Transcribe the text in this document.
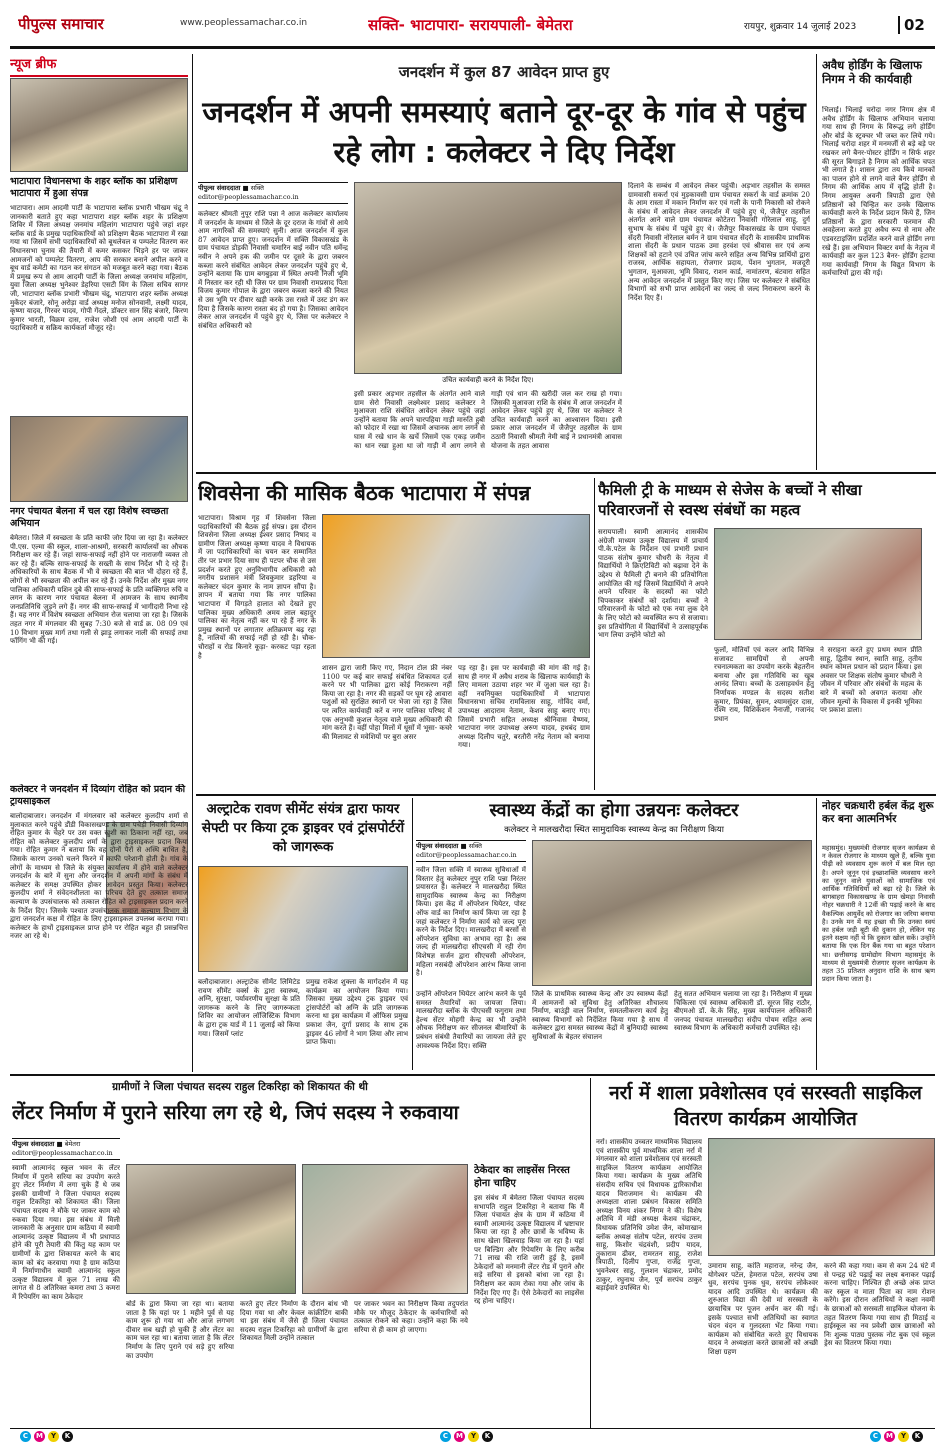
पीपुल्स समाचार	www.peoplessamachar.co.in	सक्ति- भाटापारा- सरायपाली- बेमेतरा	रायपुर, शुक्रवार 14 जुलाई 2023	02
न्यूज ब्रीफ
भाटापारा विधानसभा के शहर ब्लॉक का प्रशिक्षण भाटापारा में हुआ संपन्न
भाटापारा। आम आदमी पार्टी के भाटापारा ब्लॉक प्रभारी भीखम चंद्रू ने जानकारी बताते हुए कहा भाटापारा शहर ब्लॉक शहर के प्रशिक्षण शिविर में जिला अध्यक्ष जनमांच महिलांग भाटापारा पहुंचे जहां शहर ब्लॉक वार्ड के प्रमुख पदाधिकारियों को प्रशिक्षण बैठक भाटापारा में रखा गया था जिसमें सभी पदाधिकारियों को बूथलेवल व पम्पलेट वितरण कर विधानसभा चुनाव की तैयारी में कमर कसकर भिड़ने हर पर जाकर आमजनों को पम्पलेट वितरण, आप की सरकार बनाने अपील करने व बूथ वार्ड कमेटी का गठन कर संगठन को मजबूत करने कहा गया। बैठक में प्रमुख रूप से आम आदमी पार्टी के जिला अध्यक्ष जनमांच महिलांग, युवा जिला अध्यक्ष भुनेश्वर डेहरिया एसटी विंग के जिला सचिव सागर जी, भाटापारा ब्लॉक प्रभारी भीखम चंद्रू, भाटापारा शहर ब्लॉक अध्यक्ष मुकेंदर बंजारे, सोनू अरोड़ा वार्ड अध्यक्ष मनोज सोनवानी, लक्ष्मी यादव, कृष्णा यादव, गिरवर यादव, गोपी गेंदले, डॉक्टर सान सिंह बंजारे, किरण कुमार भारती, विक्रम दास, राजेश जोशी एवं आम आदमी पार्टी के पदाधिकारी व सक्रिय कार्यकर्ता मौजूद रहे।
नगर पंचायत बेलना में चल रहा विशेष स्वच्छता अभियान
बेमेतरा। जिले में स्वच्छता के प्रति काफी जोर दिया जा रहा है। कलेक्टर पी.एस. एल्मा की स्कूल, शाला-आश्रमों, सरकारी कार्यालयों का औचक निरीक्षण कर रहे हैं। जहां साफ-सफाई नहीं होने पर नाराजगी व्यक्त तो कर रहे हैं। बल्कि साफ-सफाई के सख्ती के साथ निर्देश भी दे रहे हैं। अधिकारियों के साथ बैठक में भी वे स्वच्छता की बात भी दोहरा रहे हैं, लोगों से भी स्वच्छता की अपील कर रहे हैं। उनके निर्देश और मुख्य नगर पालिका अधिकारी यशिन दुबे की साफ-सफाई के प्रति व्यक्तिगत रुचि व लगन के कारण नगर पंचायत बेलना में आमजन के साथ स्थानीय जनप्रतिनिधि जुड़ने लगे हैं। नगर की साफ-सफाई में भागीदारी निभा रहे हैं। यह नगर में विशेष स्वच्छता अभियान रोज चलाया जा रहा है। जिसके तहत नगर में मंगलवार की सुबह 7:30 बजे से वार्ड क्र. 08 09 एवं 10 विभाग मुख्य मार्ग तथा गली से झाड़ू लगाकर नाली की सफाई तथा फॉगिंग भी की गई।
कलेक्टर ने जनदर्शन में दिव्यांग रोहित को प्रदान की ट्रायसाइकल
बालोदाबाजार। जनदर्शन में मंगलवार को कलेक्टर कुलदीप शर्मा से मुलाकात करने पहुंचे डौंडी विकासखण्ड के ग्राम पचेड़ी निवासी दिव्यांग रोहित कुमार के चेहरे पर उस वक्त खुशी का ठिकाना नहीं रहा, जब रोहित को कलेक्टर कुलदीप शर्मा के द्वारा ट्राइसाइकल प्रदान किया गया। रोहित कुमार ने बताया कि वह दोनों पैरों से अस्थि बाधित है, जिसके कारण उनको चलने फिरने में काफी परेशानी होती है। गांव के लोगों के माध्यम से जिले के संयुक्त कार्यालय में होने वाले कलेक्टर जनदर्शन के बारे में सुना और जनदर्शन में अपनी मांगों के संबंध में कलेक्टर के समक्ष उपस्थित होकर आवेदन प्रस्तुत किया। कलेक्टर कुलदीप शर्मा ने संवेदनशीलता का परिचय देते हुए तत्काल समाज कल्याण के उपसंचालक को तत्काल रोहित को ट्राइसाइकल प्रदान करने के निर्देश दिए। जिसके पश्चात उपसंचालक समाज कल्याण विभाग के द्वारा जनदर्शन कक्ष में रोहित के लिए ट्राइसाइकल उपलब्ध कराया गया। कलेक्टर के हाथों ट्राइसाइकल प्राप्त होने पर रोहित बहुत ही प्रसन्नचित्त नजर आ रहे थे।
जनदर्शन में कुल 87 आवेदन प्राप्त हुए
जनदर्शन में अपनी समस्याएं बताने दूर-दूर के गांव से पहुंच रहे लोग : कलेक्टर ने दिए निर्देश
पीपुल्स संवाददाता ■ सक्ति
editor@peoplessamachar.co.in
कलेक्टर श्रीमती नुपूर राशि पन्ना ने आज कलेक्टर कार्यालय में जनदर्शन के माध्यम से जिले के दूर दराज के गांवों से आये आम नागरिकों की समस्याएं सुनी। आज जनदर्शन में कुल 87 आवेदन प्राप्त हुए। जनदर्शन में सक्ति विकासखंड के ग्राम पंचायत डोड़की निवासी चमारिन बाई नवीन पति धर्मेन्द्र नवीन ने अपने हक की जमीन पर दूसरे के द्वारा जबरन कब्जा करने संबंधित आवेदन लेकर जनदर्शन पहुंचे हुए थे, उन्होंने बताया कि ग्राम बगबुड़वा में स्थित अपनी निजी भूमि में निस्तार कर रही थी जिस पर ग्राम निवासी रामप्रसाद पिता विजय कुमार गोपाल के द्वारा जबरन कब्जा करने की नियत से उस भूमि पर दीवार खड़ी करके उस रास्ते में उस्ट डंग कर दिया है जिसके कारण रास्ता बंद हो गया है। जिसका आवेदन लेकर आज जनदर्शन में पहुंचे हुए थे, जिस पर कलेक्टर ने संबंधित अधिकारी को
उचित कार्यवाही करने के निर्देश दिए।
इसी प्रकार अड़भार तहसील के अंतर्गत आने वाले ग्राम सेरो निवासी लक्ष्मेश्वर प्रसाद कलेक्टर ने मुआवजा राशि संबंधित आवेदन लेकर पहुंचे जहां उन्होंने बताया कि अपने चारपहिया गाड़ी मारुति हुबी को फोदार में रखा था जिसमें अचानक आग लगने से घास में रखे धान के खर्चे जिसमें एक एकड़ जमीन का धान रखा हुआ था जो गाड़ी में आग लगने से गाड़ी एवं धान की खरीदी जल कर राख हो गया। जिसकी मुआवजा राशि के संबंध में आज जनदर्शन में आवेदन लेकर पहुंचे हुए थे, जिस पर कलेक्टर ने उचित कार्यवाही करने का आश्वासन दिया। इसी प्रकार आज जनदर्शन में जैजैपुर तहसील के ग्राम ठठारी निवासी श्रीमती नेमी बाई ने प्रधानमंत्री आवास योजना के तहत आवास
दिलाने के सम्बंध में आवेदन लेकर पहुंची। अड़भार तहसील के समस्त ग्रामवासी सकर्रा एवं मुड़कावसी ग्राम पंचायत सकर्रा के वार्ड क्रमांक 20 के आम रास्ता में मकान निर्माण कर एवं गली के पानी निकासी को रोकने के संबंध में आवेदन लेकर जनदर्शन में पहुंचे हुए थे, जैजैपुर तहसील अंतर्गत आने वाले ग्राम पंचायत कोटेतरा निवासी गोरेलाल साहू, दुर्ग सुभाष के संबंध में पहुंचे हुए थे। जैजैपुर विकासखंड के ग्राम पंचायत सेंदरी निवासी नोरेलाल बर्मन ने ग्राम पंचायत सेंदरी के शासकीय प्राथमिक शाला सेंदरी के प्रधान पाठक उमा हरवंश एवं श्रीवास सर एवं अन्य शिक्षकों को हटाने एवं उचित जांच करने सहित अन्य विभिन्न प्रार्थियों द्वारा राजस्व, आर्थिक सहायता, रोजगार प्रदाय, पेंशन भुगतान, मजदूरी भुगतान, मुआवजा, भूमि विवाद, राशन कार्ड, नामांतरण, बंटवारा सहित अन्य आवेदन जनदर्शन में प्रस्तुत किए गए। जिस पर कलेक्टर ने संबंधित विभागों को सभी प्राप्त आवेदनों का जल्द से जल्द निराकरण करने के निर्देश दिए हैं।
अवैध होर्डिंग के खिलाफ निगम ने की कार्यवाही
भिलाई। भिलाई चरोदा नगर निगम क्षेत्र में अवैध होर्डिंग के खिलाफ अभियान चलाया गया साथ ही निगम के विरूद्ध लगे होर्डिंग और बोर्ड के स्ट्रक्चर भी जब्त कर लिये गये। भिलाई चरोदा शहर में मनमर्जी से बड़े बड़े पर रखकर लगे बैनर-पोस्टर होर्डिंग न सिर्फ शहर की सूरत बिगाड़ते है निगम को आर्थिक चपत भी लगाते है। शासन द्वारा तय किये मानकों का पालन होने से लगने वाले बैनर होर्डिंग से निगम की आर्थिक आय में वृद्धि होती है। निगम आयुक्त अवनी त्रिपाठी द्वारा ऐसे प्रतिष्ठानों को चिन्हित कर उनके खिलाफ कार्यवाही करने के निर्देश प्रदान किये हैं, जिन प्रतिष्ठानों के द्वारा सरकारी फरमान की अवहेलना करते हुए अवैध रूप से नाम और एडवरटाइजिंग प्रदर्शित करने वाले होर्डिंग लगा रखे हैं। इस अभियान विक्टर वर्मा के नेतृत्व में कार्यवाही कर कुल 123 बैनर- होर्डिंग हटाया गया कार्यवाही निगम के विद्युत विभाग के कर्मचारियों द्वारा की गई।
शिवसेना की मासिक बैठक भाटापारा में संपन्न
भाटापारा। विश्राम गृह में शिवसेना जिला पदाधिकारियों की बैठक हुई संपन्न। इस दौरान शिवसेना जिला अध्यक्ष ईश्वर प्रसाद निषाद व ग्रामीण जिला अध्यक्ष कृष्णा यादव ने विधायक में जा पदाधिकारियों का चयन कर सम्मानित तीर पर प्रभार दिया साथ ही पटपर चौक से उस प्रदर्शन करते हुए अनुविभागीय अधिकारी को नगरीय प्रशासन मंत्री शिवकुमार डहरिया व कलेक्टर चंदन कुमार के नाम ज्ञापन सौंपा है। ज्ञापन में बताया गया कि नगर पालिका भाटापारा में विगड़ते हालात को देखते हुए पालिका मुख्य अधिकारी अमय लाल बहादुर पालिका का नेतृत्व नहीं कर पा रहे हैं नगर के प्रमुख स्थानों पर लगातार अतिक्रमण बढ़ रहा है, नालियों की सफाई नहीं हो रही है। चौक- चौराहों व रोड किनारे कूड़ा- करकट पड़ा रहता है
शासन द्वारा जारी किए गए, निदान टोल फ्री नंबर 1100 पर कई बार सफाई संबंधित शिकायत दर्ज करने पर भी पालिका द्वारा कोई निराकरण नहीं किया जा रहा है। नगर की सड़कों पर घूम रहे आवारा पशुओं को सुरक्षित स्थानों पर भेजा जा रहा है जिस पर त्वरित कार्यवाही करें व नगर पालिका परिषद में एक अनुभवी कुशल नेतृत्व वाले मुख्य अधिकारी की मांग करते हैं। वहीं पोहा मिलों में धूसों में भूसा- कचरे की मिलावट से मवेशियों पर बुरा असर
पड़ रहा है। इस पर कार्यवाही की मांग की गई है। साथ ही नगर में अवैध शराब के खिलाफ कार्यवाही के लिए मामला उठाया शहर भर में जुआ चल रहा है। वहीं नवनियुक्त पदाधिकारियों में भाटापारा विधानसभा सचिव रामविलास साहू, गोविंद वर्मा, उपाध्यक्ष आदाराम नेताम, केशव साहू बनाए गए। जिसमें प्रभारी सहित अध्यक्ष श्रीनिवास वैष्णव, भाटापारा नगर उपाध्यक्ष अरुण यादव, हथबंद ग्राम अध्यक्ष दिलीप चतुरे, बरतौरी नरेंद्र नेताम को बनाया गया।
फैमिली ट्री के माध्यम से सेजेस के बच्चों ने सीखा परिवारजनों से स्वस्थ संबंधों का महत्व
सरायपाली। स्वामी आत्मानंद शासकीय अंग्रेजी माध्यम उत्कृष्ट विद्यालय में प्राचार्य पी.के.पटेल के निर्देशन एवं प्रभारी प्रधान पाठक संतोष कुमार चौधरी के नेतृत्व में विद्यार्थियों ने क्रिएटिविटी को बढ़ावा देने के उद्देश्य से फैमिली ट्री बनाने की प्रतियोगिता आयोजित की गई जिसमें विद्यार्थियों ने अपने अपने परिवार के सदस्यों का फोटो चिपकाकर संबंधों को दर्शाया। बच्चों ने परिवारजनों के फोटो को एक नया लुक देने के लिए फोटो को व्यवस्थित रूप से सजाया। इस प्रतियोगिता में विद्यार्थियों ने उत्साहपूर्वक भाग लिया उन्होंने फोटो को
फूलों, मोतियों एवं कलर आदि विभिन्न सजावट सामग्रियों से अपनी रचनात्मकता का उपयोग करके बेहतरीन बनाया और इस गतिविधि का खूब आनंद लिया। बच्चों के उत्साहवर्धन हेतु निर्णायक मण्डल के सदस्य सतीश कुमार, प्रियंका, सुमन, श्यामसुंदर दास, रश्मि राय, विशिकेशन नैनाजी, गजानंद प्रधान
ने सराहना करते हुए प्रथम स्थान प्रीति साहू, द्वितीय स्थान, स्वाति साहू, तृतीय स्थान कोमल प्रधान को प्रदान किया। इस अवसर पर शिक्षक संतोष कुमार चौधरी ने जीवन में परिवार और संबंधों के महत्व के बारे में बच्चों को अवगत कराया और जीवन मूल्यों के विकास में इनकी भूमिका पर प्रकाश डाला।
अल्ट्राटेक रावण सीमेंट संयंत्र द्वारा फायर सेफ्टी पर किया ट्रक ड्राइवर एवं ट्रांसपोर्टरों को जागरूक
बलौदाबाजार। अल्ट्राटेक सीमेंट लिमिटेड रावण सीमेंट वर्क्स के द्वारा स्वास्थ्य, अग्नि, सुरक्षा, पर्यावरणीय सुरक्षा के प्रति जागरूक करने के लिए जागरूकता शिविर का आयोजन लॉजिस्टिक विभाग के द्वारा ट्रक यार्ड में 11 जुलाई को किया गया। जिसमें प्लांट
प्रमुख राकेश शुक्ला के मार्गदर्शन में यह कार्यक्रम का आयोजन किया गया। जिसका मुख्य उद्देश्य ट्रक ड्राइवर एवं ट्रांसपोर्टरों को अग्नि के प्रति जागरूक करना था इस कार्यक्रम में ऑफिस प्रमुख प्रकाश जैन, दुर्गा प्रसाद के साथ ट्रक ड्राइवर 46 लोगों ने भाग लिया और लाभ प्राप्त किया।
स्वास्थ्य केंद्रों का होगा उन्नयनः कलेक्टर
कलेक्टर ने मालखरौदा स्थित सामुदायिक स्वास्थ्य केन्द्र का निरीक्षण किया
पीपुल्स संवाददाता ■ सक्ति
editor@peoplessamachar.co.in
नवीन जिला सक्ति में स्वास्थ्य सुविधाओं में विस्तार हेतु कलेक्टर नूपुर राशि पन्ना निरंतर प्रयासरत हैं। कलेक्टर ने मालखरौदा स्थित सामुदायिक स्वास्थ्य केन्द्र का निरीक्षण किया। इस केंद्र में ऑपरेशन थियेटर, पोस्ट ऑफ वार्ड का निर्माण कार्य किया जा रहा है जहां कलेक्टर ने निर्माण कार्य को जल्द पूरा करने के निर्देश दिए। मालखरौदा में बरसों से ऑपरेशन सुविधा का अभाव रहा है। अब जल्द ही मालखरौदा सीएचसी में रही रोग विशेषज्ञ सर्जन द्वारा सीएचसी ऑपरेशन, महिला नसबंदी ऑपरेशन आरंभ किया जाना है।
उन्होंने ऑपरेशन थियेटर आरंभ करने के पूर्व समस्त तैयारियों का जायजा लिया। मालखरौदा ब्लॉक के पीएचसी फगुराम तथा हेल्थ सेंटर मोहगी केन्द्र का भी उन्होंने औचक निरीक्षण कर सीजनल बीमारियों के प्रबंधन संबंधी तैयारियों का जायजा लेते हुए आवश्यक निर्देश दिए। सक्ति
जिले के प्राथमिक स्वास्थ्य केन्द्र और उप स्वास्थ्य केंद्रों में आमजनों को सुविधा हेतु अतिरिक्त शौचालय निर्माण, बाउंड्री वाल निर्माण, समतलीकरण कार्य हेतु स्वास्थ्य विभागों को निर्देशित किया गया है साथ में कलेक्टर द्वारा समस्त स्वास्थ्य केंद्रों में बुनियादी स्वास्थ्य सुविधाओं के बेहतर संचालन
हेतु सतत अभियान चलाया जा रहा है। निरीक्षण में मुख्य चिकित्सा एवं स्वास्थ्य अधिकारी डॉ. सूरज सिंह राठौर, बीएमओ डॉ. के.के सिंह, मुख्य कार्यपालन अधिकारी जनपद पंचायत मालखरौदा संदीप पोयम सहित अन्य स्वास्थ्य विभाग के अधिकारी कर्मचारी उपस्थित रहे।
नोहर चक्रधारी हर्बल केंद्र शुरू कर बना आत्मनिर्भर
महासमुंद। मुख्यमंत्री रोजगार सृजन कार्यक्रम से न केवल रोजगार के माध्यम खुले हैं, बल्कि युवा पीढ़ी को व्यवसाय शुरू करने में बल मिल रहा है। अपने जूनून एवं इच्छाशक्ति व्यवसाय करने का जुनून वाले युवाओं को सामाजिक एवं आर्थिक गतिविधियों को बढ़ा रहे है। जिले के बागबाहरा विकासखण्ड के ग्राम खेमड़ा निवासी नोहर चक्रधारी ने 12वीं की पढ़ाई करने के बाद वैकल्पिक आयुर्वेद को रोजगार का जरिया बनाया है। उनके मन में यह इच्छा थी कि उनका स्वयं का हर्बल जड़ी बूटी की दुकान हो, लेकिन यह इतने सक्षम नहीं थे कि दुकान खोल सकें। उन्होंने बताया कि एक दिन बैंक गया था बहुत परेशान था। छत्तीसगढ़ ग्रामोद्योग विभाग महासमुंद के माध्यम से मुख्यमंत्री रोजगार सृजन कार्यक्रम के तहत 35 प्रतिशत अनुदान राशि के साथ ऋण प्रदान किया जाता है।
ग्रामीणों ने जिला पंचायत सदस्य राहुल टिकरिहा को शिकायत की थी
लेंटर निर्माण में पुराने सरिया लग रहे थे, जिपं सदस्य ने रुकवाया
पीपुल्स संवाददाता ■ बेमेतरा
editor@peoplessamachar.co.in
स्वामी आत्मानंद स्कूल भवन के लेंटर निर्माण में पुराने सरिया का उपयोग करते हुए लेंटर निर्माण में लगा चुके हैं थे जब इसकी ग्रामीणों ने जिला पंचायत सदस्य राहुल टिकरिहा को शिकायत की। जिला पंचायत सदस्य ने मौके पर जाकर काम को रुकवा दिया गया। इस संबंध में मिली जानकारी के अनुसार ग्राम कठिया में स्वामी आत्मानंद उत्कृष्ट विद्यालय में भी प्रधापाठ होने की पूरी तैयारी की किंतु यह काम पर ग्रामीणों के द्वारा शिकायत करने के बाद काम को बंद करवाया गया है ग्राम कठिया में निर्माणाधीन स्वामी आत्मानंद स्कूल उत्कृष्ट विद्यालय में कुल 71 लाख की लागत से 8 अतिरिक्त कमरा तथा 3 कमरा में रिपेयरिंग का काम ठेकेदार
बोर्ड के द्वारा किया जा रहा था। बताया जाता है कि यहां पर 1 महीने पूर्व से यह काम शुरू हो गया था और आज लगभग दीवार सब खड़ी हो चुकी हैं और लेंटर का काम चल रहा था। बताया जाता है कि लेंटर निर्माण के लिए पुराने एवं सड़े हुए सरिया का उपयोग
करते हुए लेंटर निर्माण के दौरान बांध भी दिया गया था और केवल कांक्रीटिंग बाकी था इस संबंध में जैसे ही जिला पंचायत सदस्य राहुल टिकरिहा को ग्रामीणों के द्वारा शिकायत मिली उन्होंने तत्काल
पर जाकर भवन का निरीक्षण किया तदुपरांत मौके पर मौजूद ठेकेदार के कर्मचारियों को तत्काल रोकने को कहा। उन्होंने कहा कि नये सरिया से ही काम हो जाएगा।
ठेकेदार का लाइसेंस निरस्त होना चाहिए
इस संबंध में बेमेतरा जिला पंचायत सदस्य सभापति राहुल टिकरिहा ने बताया कि मैं जिला पंचायत क्षेत्र के ग्राम में कठिया में स्वामी आत्मानंद उत्कृष्ट विद्यालय में भ्रष्टाचार किया जा रहा है और छात्रों के भविष्य के साथ खेला खिलवाड़ किया जा रहा है। यहां पर बिल्डिंग और रिपेयरिंग के लिए करीब 71 लाख की राशि जारी हुई है, इसमें ठेकेदारों को मनमानी लेंटर रोड में पुराने और सड़े सरिया से इसको बांधा जा रहा है। निरीक्षण कर काम रोका गया और जांच के निर्देश दिए गए हैं। ऐसे ठेकेदारों का लाइसेंस रद्द होना चाहिए।
नर्रा में शाला प्रवेशोत्सव एवं सरस्वती साइकिल वितरण कार्यक्रम आयोजित
नर्रा। शासकीय उच्चतर माध्यमिक विद्यालय एवं शासकीय पूर्व माध्यमिक शाला नर्रा में मंगलवार को शाला प्रवेशोत्सव एवं सरस्वती साइकिल वितरण कार्यक्रम आयोजित किया गया। कार्यक्रम के मुख्य अतिथि संसदीय सचिव एवं विधायक द्वारिकाधीश यादव विराजमान थे। कार्यक्रम की अध्यक्षता शाला प्रबंधन विकास समिति अध्यक्ष विनय शंकर निगम ने की। विशेष अतिथि में मंडी अध्यक्ष केशव चंद्राकर, विधायक प्रतिनिधि उमेश जैन, कोमाखान ब्लॉक अध्यक्ष संतोष पटेल, सरपंच उत्तम साहू, किशोर चंद्रवंशी, प्रदीप यादव, तुकाराम ढीवर, रामरतन साहू, राजेश त्रिपाठी, दिलीप गुप्ता, राजेंद्र गुप्ता, भुवनेश्वर साहू, गुलशन चंद्राकर, प्रमोद ठाकुर, रघुनाथ जैन, पूर्व सरपंच ठाकुर बड़ाईवारे उपस्थित थे।
उमाराम साहू, कांति महाराज, नरेन्द्र जैन, योगेश्वर पटेल, हेमराज पटेल, सरपंच उषा धुव, सरपंच पुनक धुव, सरपंच लोकेश्वर यादव आदि उपस्थित थे। कार्यक्रम की शुरुआत विद्या की देवी मां सरस्वती के छायाचित्र पर पूजन अर्चन कर की गई। इसके पश्चात सभी अतिथियों का स्वागत चंदन वंदन व गुलदस्ता भेंट किया गया। कार्यक्रम को संबोधित करते हुए विधायक यादव ने अध्यक्षता करते छात्राओं को अच्छी शिक्षा ग्रहण
करने की कहा गया। कम से कम 24 घंटे में से पन्द्रह घंटे पढ़ाई का लक्ष्य बनाकर पढ़ाई करना चाहिए। निश्चित ही अच्छे अंक प्राप्त कर स्कूल व माता पिता का नाम रोशन करेंगे। इस दौरान अतिथियों ने कक्षा नवमीं के छात्राओं को सरस्वती साइकिल योजना के तहत वितरण किया गया साथ ही मिठाई व हाईस्कूल का नव प्रवेशी छात्र छात्राओं को निः शुल्क पाठ्य पुस्तक नोट बुक एवं स्कूल ड्रेस का वितरण किया गया।
C	M	Y	K	C	M	Y	K	C	M	Y	K
